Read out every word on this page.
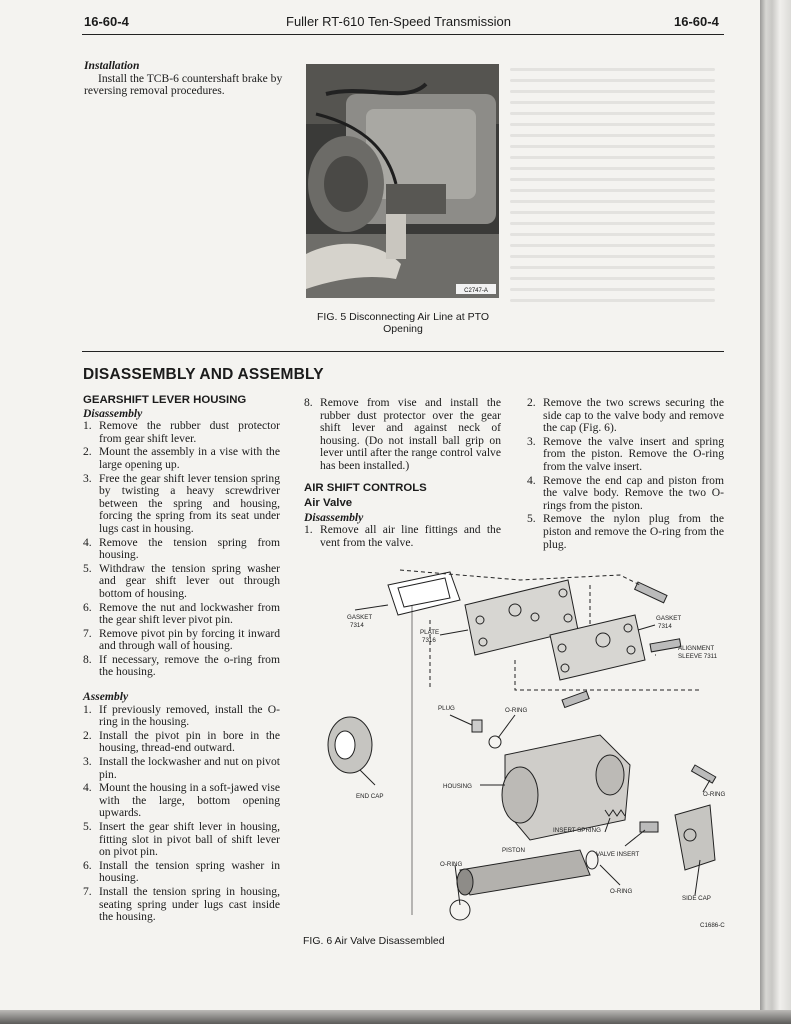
16-60-4	Fuller RT-610 Ten-Speed Transmission	16-60-4
Installation
Install the TCB-6 countershaft brake by reversing removal procedures.
C2747-A
FIG. 5 Disconnecting Air Line at PTO
Opening
DISASSEMBLY AND ASSEMBLY
GEARSHIFT LEVER HOUSING
Disassembly
1. Remove the rubber dust protector from gear shift lever.
2. Mount the assembly in a vise with the large opening up.
3. Free the gear shift lever tension spring by twisting a heavy screwdriver between the spring and housing, forcing the spring from its seat under lugs cast in housing.
4. Remove the tension spring from housing.
5. Withdraw the tension spring washer and gear shift lever out through bottom of housing.
6. Remove the nut and lockwasher from the gear shift lever pivot pin.
7. Remove pivot pin by forcing it inward and through wall of housing.
8. If necessary, remove the o-ring from the housing.
Assembly
1. If previously removed, install the O-ring in the housing.
2. Install the pivot pin in bore in the housing, thread-end outward.
3. Install the lockwasher and nut on pivot pin.
4. Mount the housing in a soft-jawed vise with the large, bottom opening upwards.
5. Insert the gear shift lever in housing, fitting slot in pivot ball of shift lever on pivot pin.
6. Install the tension spring washer in housing.
7. Install the tension spring in housing, seating spring under lugs cast inside the housing.
8. Remove from vise and install the rubber dust protector over the gear shift lever and against neck of housing. (Do not install ball grip on lever until after the range control valve has been installed.)
AIR SHIFT CONTROLS
Air Valve
Disassembly
1. Remove all air line fittings and the vent from the valve.
2. Remove the two screws securing the side cap to the valve body and remove the cap (Fig. 6).
3. Remove the valve insert and spring from the piston. Remove the O-ring from the valve insert.
4. Remove the end cap and piston from the valve body. Remove the two O-rings from the piston.
5. Remove the nylon plug from the piston and remove the O-ring from the plug.
GASKET
7314
PLATE
7316
GASKET
7314
ALIGNMENT
SLEEVE 7311
PLUG	O-RING
END CAP
HOUSING
O-RING
INSERT SPRING
PISTON
VALVE INSERT
O-RING
O-RING
SIDE CAP
C1686-C
FIG. 6 Air Valve Disassembled
